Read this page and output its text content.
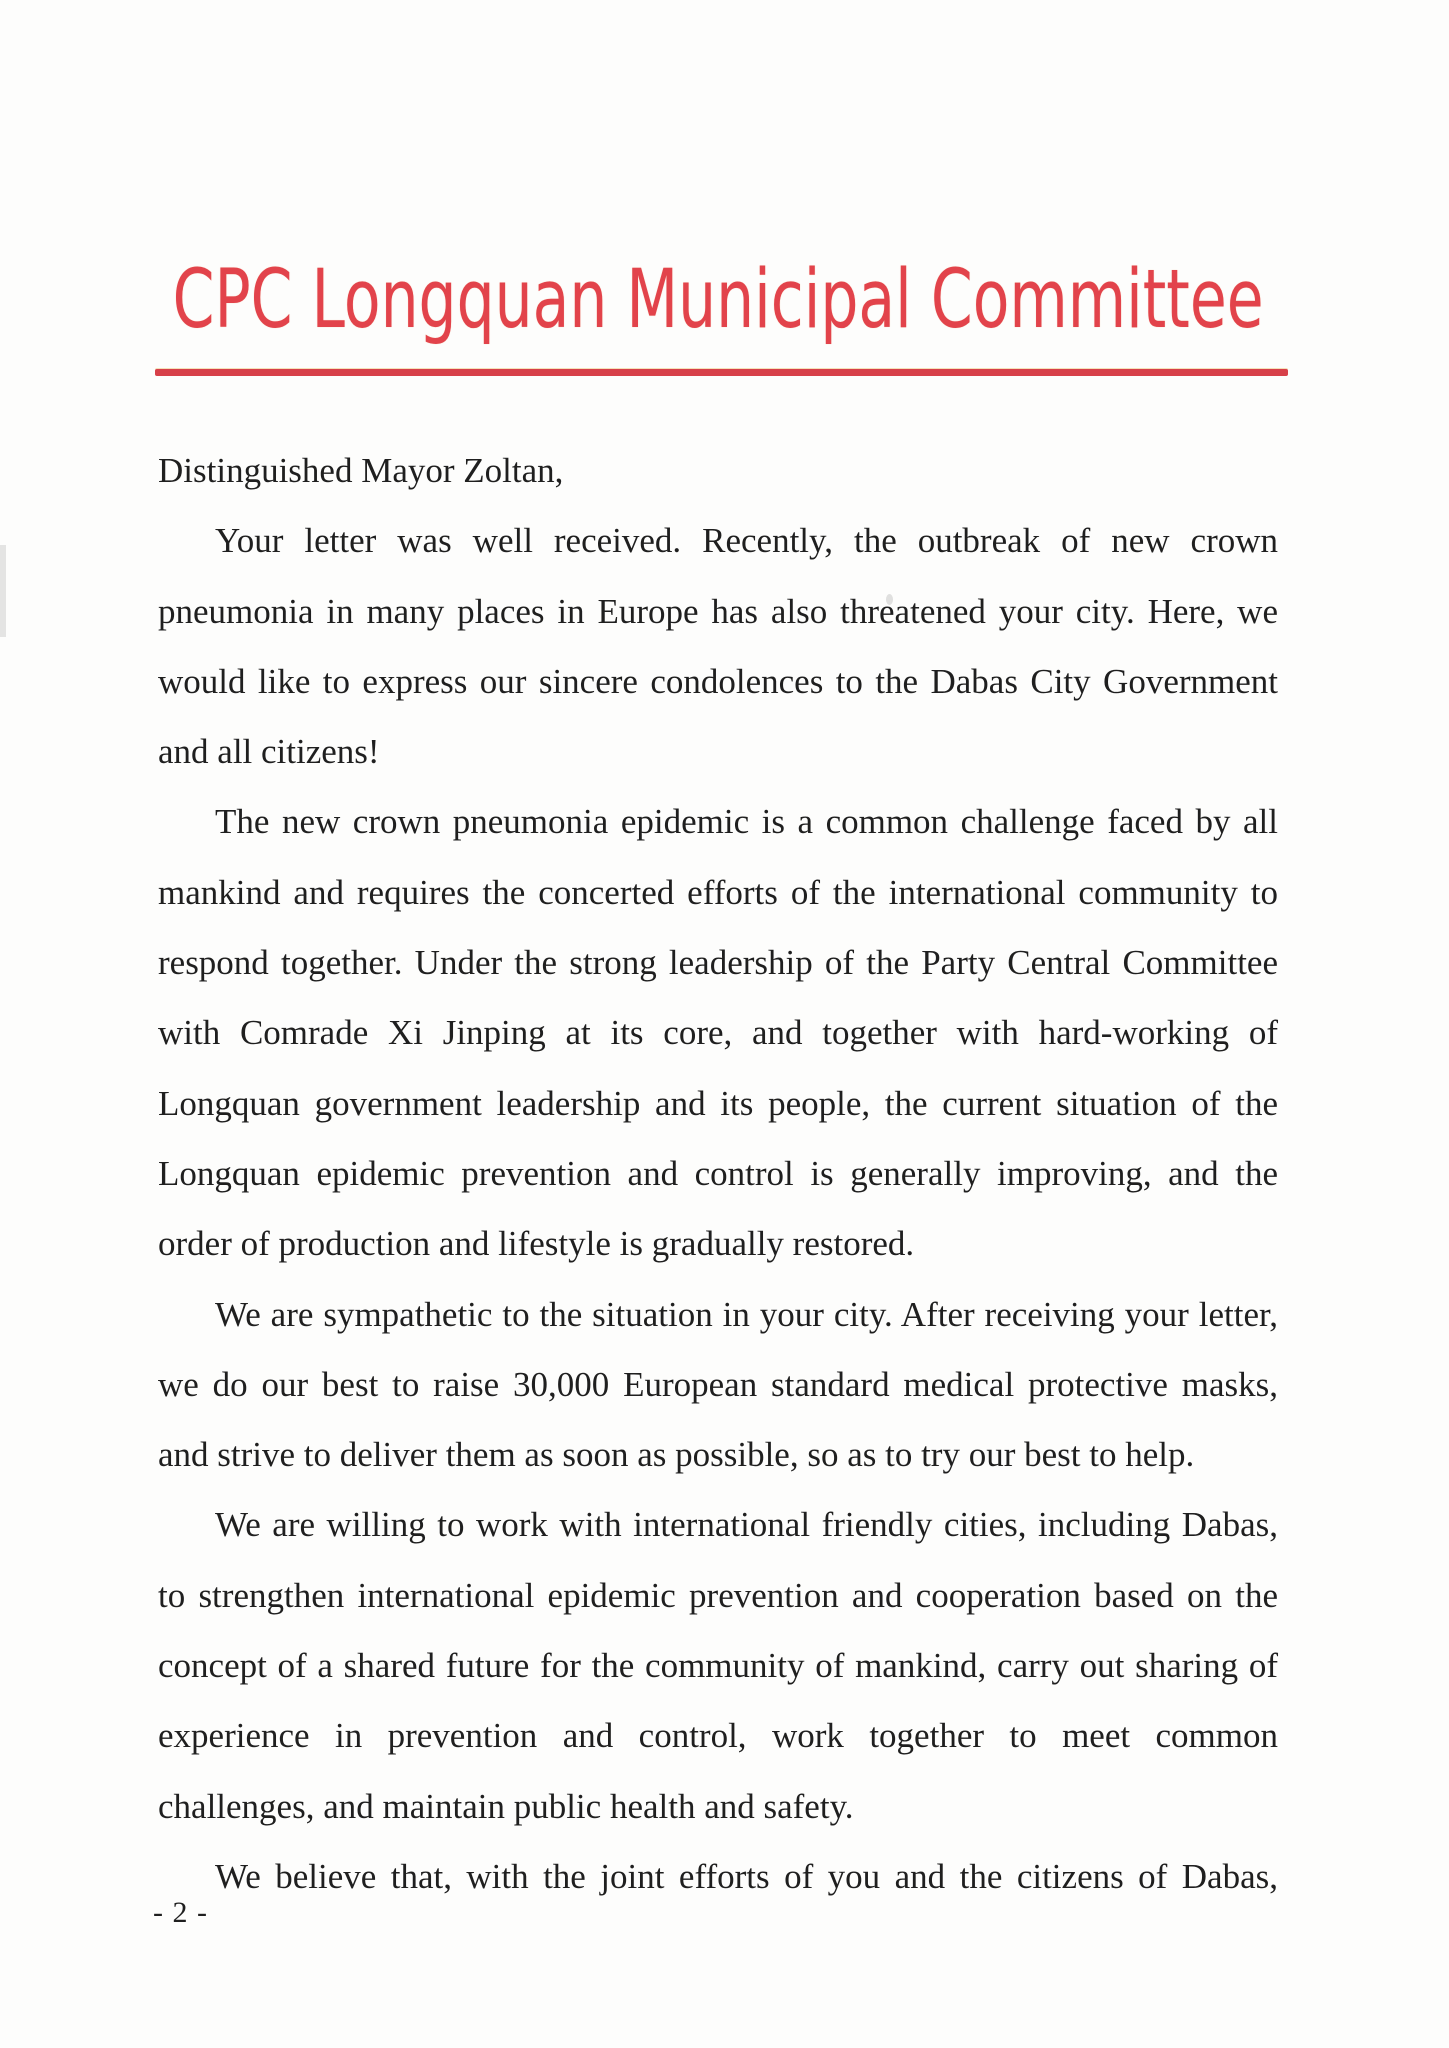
CPC Longquan Municipal Committee
Distinguished Mayor Zoltan,
Your letter was well received. Recently, the outbreak of new crown
pneumonia in many places in Europe has also threatened your city. Here, we
would like to express our sincere condolences to the Dabas City Government
and all citizens!
The new crown pneumonia epidemic is a common challenge faced by all
mankind and requires the concerted efforts of the international community to
respond together. Under the strong leadership of the Party Central Committee
with Comrade Xi Jinping at its core, and together with hard-working of
Longquan government leadership and its people, the current situation of the
Longquan epidemic prevention and control is generally improving, and the
order of production and lifestyle is gradually restored.
We are sympathetic to the situation in your city. After receiving your letter,
we do our best to raise 30,000 European standard medical protective masks,
and strive to deliver them as soon as possible, so as to try our best to help.
We are willing to work with international friendly cities, including Dabas,
to strengthen international epidemic prevention and cooperation based on the
concept of a shared future for the community of mankind, carry out sharing of
experience in prevention and control, work together to meet common
challenges, and maintain public health and safety.
We believe that, with the joint efforts of you and the citizens of Dabas,
- 2 -
